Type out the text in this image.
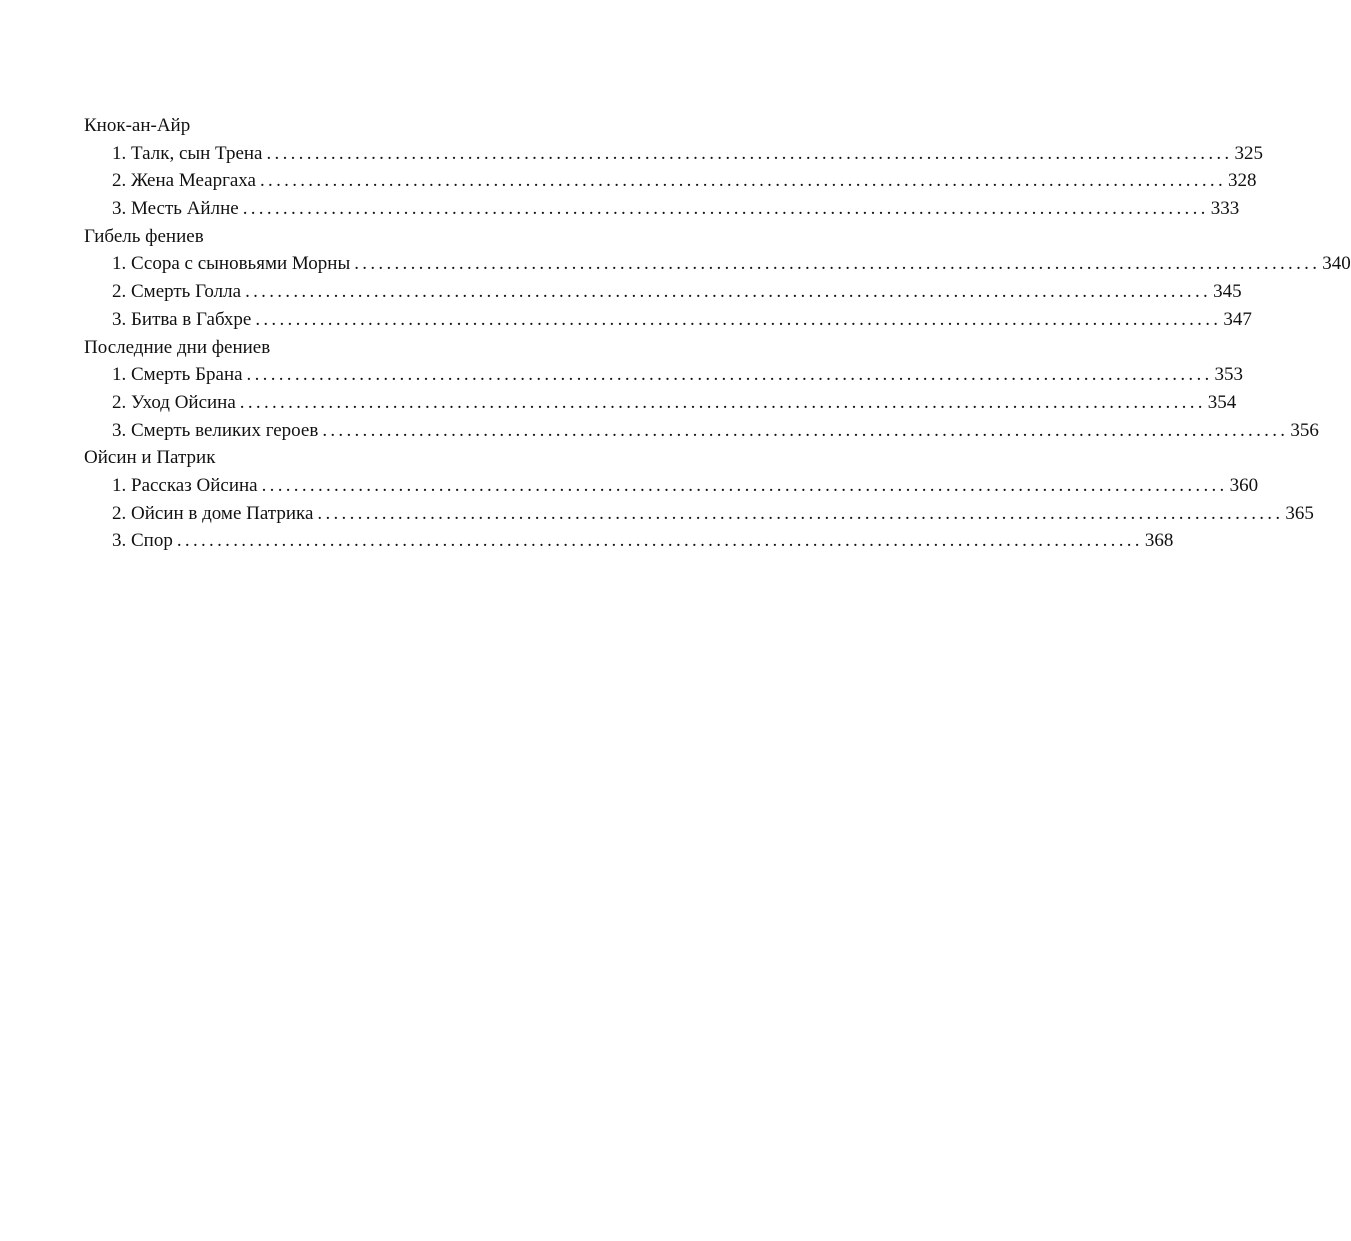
Кнок-ан-Айр
1. Талк, сын Трена ........................................................................................................................ 325
2. Жена Меаргаха ........................................................................................................................ 328
3. Месть Айлне ........................................................................................................................ 333
Гибель фениев
1. Ссора с сыновьями Морны ........................................................................................................................ 340
2. Смерть Голла ........................................................................................................................ 345
3. Битва в Габхре ........................................................................................................................ 347
Последние дни фениев
1. Смерть Брана ........................................................................................................................ 353
2. Уход Ойсина ........................................................................................................................ 354
3. Смерть великих героев ........................................................................................................................ 356
Ойсин и Патрик
1. Рассказ Ойсина ........................................................................................................................ 360
2. Ойсин в доме Патрика ........................................................................................................................ 365
3. Спор ........................................................................................................................ 368
